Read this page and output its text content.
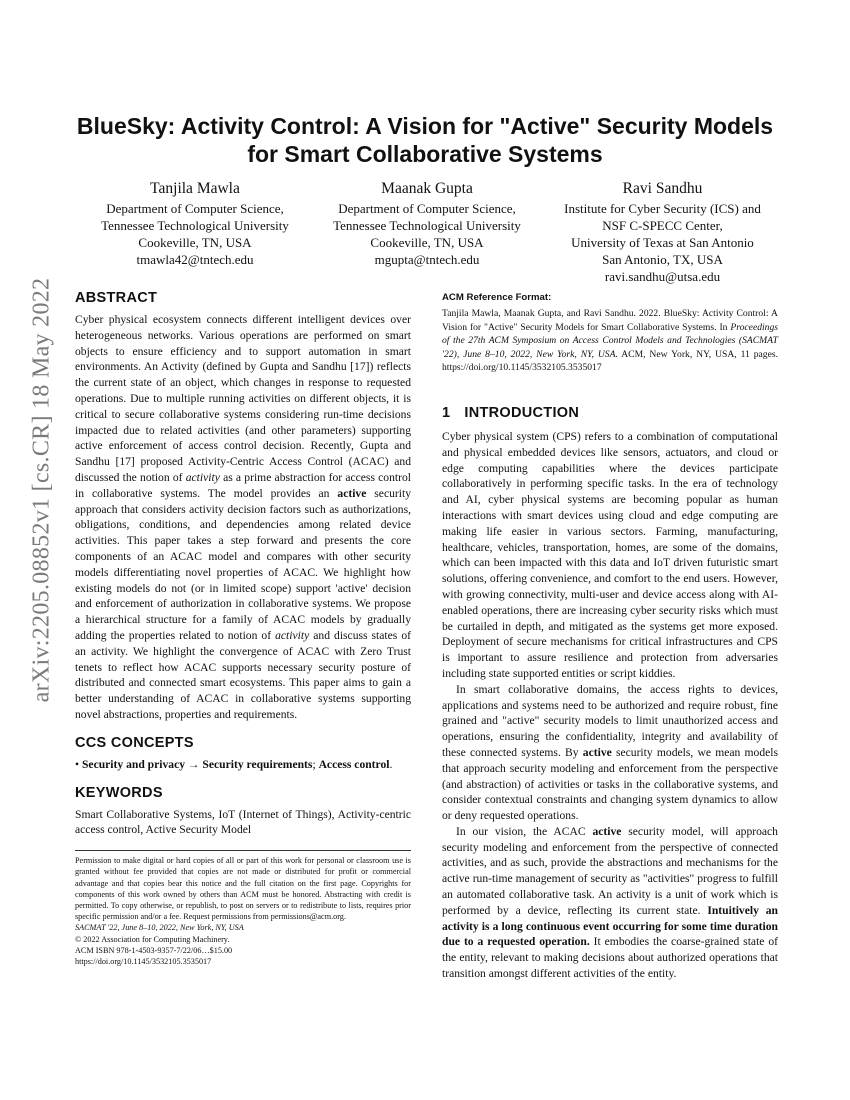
arXiv:2205.08852v1 [cs.CR] 18 May 2022
BlueSky: Activity Control: A Vision for "Active" Security Models for Smart Collaborative Systems
Tanjila Mawla
Department of Computer Science,
Tennessee Technological University
Cookeville, TN, USA
tmawla42@tntech.edu
Maanak Gupta
Department of Computer Science,
Tennessee Technological University
Cookeville, TN, USA
mgupta@tntech.edu
Ravi Sandhu
Institute for Cyber Security (ICS) and
NSF C-SPECC Center,
University of Texas at San Antonio
San Antonio, TX, USA
ravi.sandhu@utsa.edu
ABSTRACT

Cyber physical ecosystem connects different intelligent devices over heterogeneous networks. Various operations are performed on smart objects to ensure efficiency and to support automation in smart environments. An Activity (defined by Gupta and Sandhu [17]) reflects the current state of an object, which changes in response to requested operations. Due to multiple running activities on different objects, it is critical to secure collaborative systems considering run-time decisions impacted due to related activities (and other parameters) supporting active enforcement of access control decision. Recently, Gupta and Sandhu [17] proposed Activity-Centric Access Control (ACAC) and discussed the notion of activity as a prime abstraction for access control in collaborative systems. The model provides an active security approach that considers activity decision factors such as authorizations, obligations, conditions, and dependencies among related device activities. This paper takes a step forward and presents the core components of an ACAC model and compares with other security models differentiating novel properties of ACAC. We highlight how existing models do not (or in limited scope) support 'active' decision and enforcement of authorization in collaborative systems. We propose a hierarchical structure for a family of ACAC models by gradually adding the properties related to notion of activity and discuss states of an activity. We highlight the convergence of ACAC with Zero Trust tenets to reflect how ACAC supports necessary security posture of distributed and connected smart ecosystems. This paper aims to gain a better understanding of ACAC in collaborative systems supporting novel abstractions, properties and requirements.

CCS CONCEPTS

• Security and privacy → Security requirements; Access control.

KEYWORDS

Smart Collaborative Systems, IoT (Internet of Things), Activity-centric access control, Active Security Model

Permission to make digital or hard copies of all or part of this work for personal or classroom use is granted without fee provided that copies are not made or distributed for profit or commercial advantage and that copies bear this notice and the full citation on the first page. Copyrights for components of this work owned by others than ACM must be honored. Abstracting with credit is permitted. To copy otherwise, or republish, to post on servers or to redistribute to lists, requires prior specific permission and/or a fee. Request permissions from permissions@acm.org.

SACMAT '22, June 8–10, 2022, New York, NY, USA

© 2022 Association for Computing Machinery.

ACM ISBN 978-1-4503-9357-7/22/06…$15.00

https://doi.org/10.1145/3532105.3535017

ACM Reference Format:

Tanjila Mawla, Maanak Gupta, and Ravi Sandhu. 2022. BlueSky: Activity Control: A Vision for "Active" Security Models for Smart Collaborative Systems. In Proceedings of the 27th ACM Symposium on Access Control Models and Technologies (SACMAT '22), June 8–10, 2022, New York, NY, USA. ACM, New York, NY, USA, 11 pages. https://doi.org/10.1145/3532105.3535017

1 INTRODUCTION

Cyber physical system (CPS) refers to a combination of computational and physical embedded devices like sensors, actuators, and cloud or edge computing capabilities where the devices participate collaboratively in performing specific tasks. In the era of technology and AI, cyber physical systems are becoming popular as human interactions with smart devices using cloud and edge computing are making life easier in various sectors. Farming, manufacturing, healthcare, vehicles, transportation, homes, are some of the domains, which can been impacted with this data and IoT driven futuristic smart solutions, offering convenience, and comfort to the end users. However, with growing connectivity, multi-user and device access along with AI-enabled operations, there are increasing cyber security risks which must be curtailed in depth, and mitigated as the systems get more exposed. Deployment of secure mechanisms for critical infrastructures and CPS is important to assure resilience and protection from adversaries including state supported entities or script kiddies.

In smart collaborative domains, the access rights to devices, applications and systems need to be authorized and require robust, fine grained and "active" security models to limit unauthorized access and operations, ensuring the confidentiality, integrity and availability of these connected systems. By active security models, we mean models that approach security modeling and enforcement from the perspective (and abstraction) of activities or tasks in the collaborative systems, and consider contextual constraints and changing system dynamics to allow or deny requested operations.

In our vision, the ACAC active security model, will approach security modeling and enforcement from the perspective of connected activities, and as such, provide the abstractions and mechanisms for the active run-time management of security as "activities" progress to fulfill an automated collaborative task. An activity is a unit of work which is performed by a device, reflecting its current state. Intuitively an activity is a long continuous event occurring for some time duration due to a requested operation. It embodies the coarse-grained state of the entity, relevant to making decisions about authorized operations that transition amongst different activities of the entity.
